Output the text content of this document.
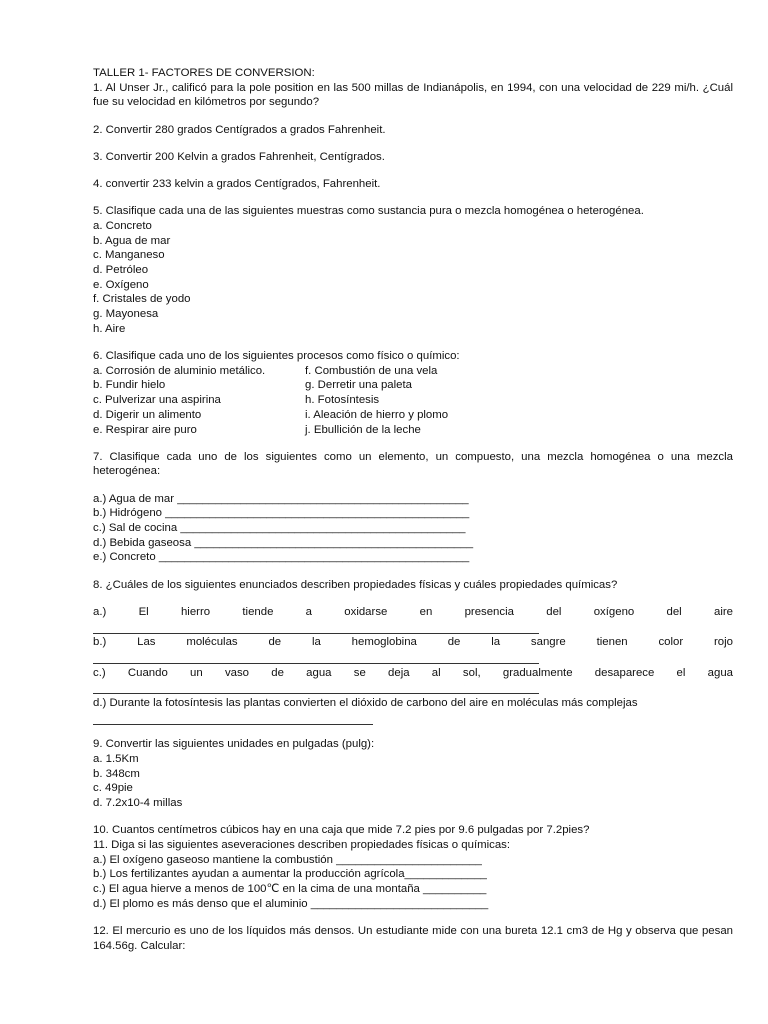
TALLER 1- FACTORES DE CONVERSION:

1. Al Unser Jr., calificó para la pole position en las 500 millas de Indianápolis, en 1994, con una velocidad de 229 mi/h. ¿Cuál fue su velocidad en kilómetros por segundo?

2. Convertir 280 grados Centígrados a grados Fahrenheit.

3. Convertir 200 Kelvin a grados Fahrenheit, Centígrados.

4. convertir 233 kelvin a grados Centígrados, Fahrenheit.

5. Clasifique cada una de las siguientes muestras como sustancia pura o mezcla homogénea o heterogénea.

a. Concreto

b. Agua de mar

c. Manganeso

d. Petróleo

e. Oxígeno

f. Cristales de yodo

g. Mayonesa

h. Aire

6. Clasifique cada uno de los siguientes procesos como físico o químico:

a. Corrosión de aluminio metálico.	f. Combustión de una vela
b. Fundir hielo	g. Derretir una paleta
c. Pulverizar una aspirina	h. Fotosíntesis
d. Digerir un alimento	i. Aleación de hierro y plomo
e. Respirar aire puro	j. Ebullición de la leche

7. Clasifique cada uno de los siguientes como un elemento, un compuesto, una mezcla homogénea o una mezcla heterogénea:

a.) Agua de mar ______________________________________________

b.) Hidrógeno ________________________________________________

c.) Sal de cocina _____________________________________________

d.) Bebida gaseosa ____________________________________________

e.) Concreto _________________________________________________

8. ¿Cuáles de los siguientes enunciados describen propiedades físicas y cuáles propiedades químicas?

a.) El hierro tiende a oxidarse en presencia del oxígeno del aire

b.) Las moléculas de la hemoglobina de la sangre tienen color rojo

c.) Cuando un vaso de agua se deja al sol, gradualmente desaparece el agua

d.) Durante la fotosíntesis las plantas convierten el dióxido de carbono del aire en moléculas más complejas

9. Convertir las siguientes unidades en pulgadas (pulg):

a. 1.5Km

b. 348cm

c. 49pie

d. 7.2x10-4 millas

10. Cuantos centímetros cúbicos hay en una caja que mide 7.2 pies por 9.6 pulgadas por 7.2pies?

11. Diga si las siguientes aseveraciones describen propiedades físicas o químicas:

a.) El oxígeno gaseoso mantiene la combustión _______________________

b.) Los fertilizantes ayudan a aumentar la producción agrícola_____________

c.) El agua hierve a menos de 100℃ en la cima de una montaña __________

d.) El plomo es más denso que el aluminio ____________________________

12. El mercurio es uno de los líquidos más densos. Un estudiante mide con una bureta 12.1 cm3 de Hg y observa que pesan 164.56g. Calcular:
